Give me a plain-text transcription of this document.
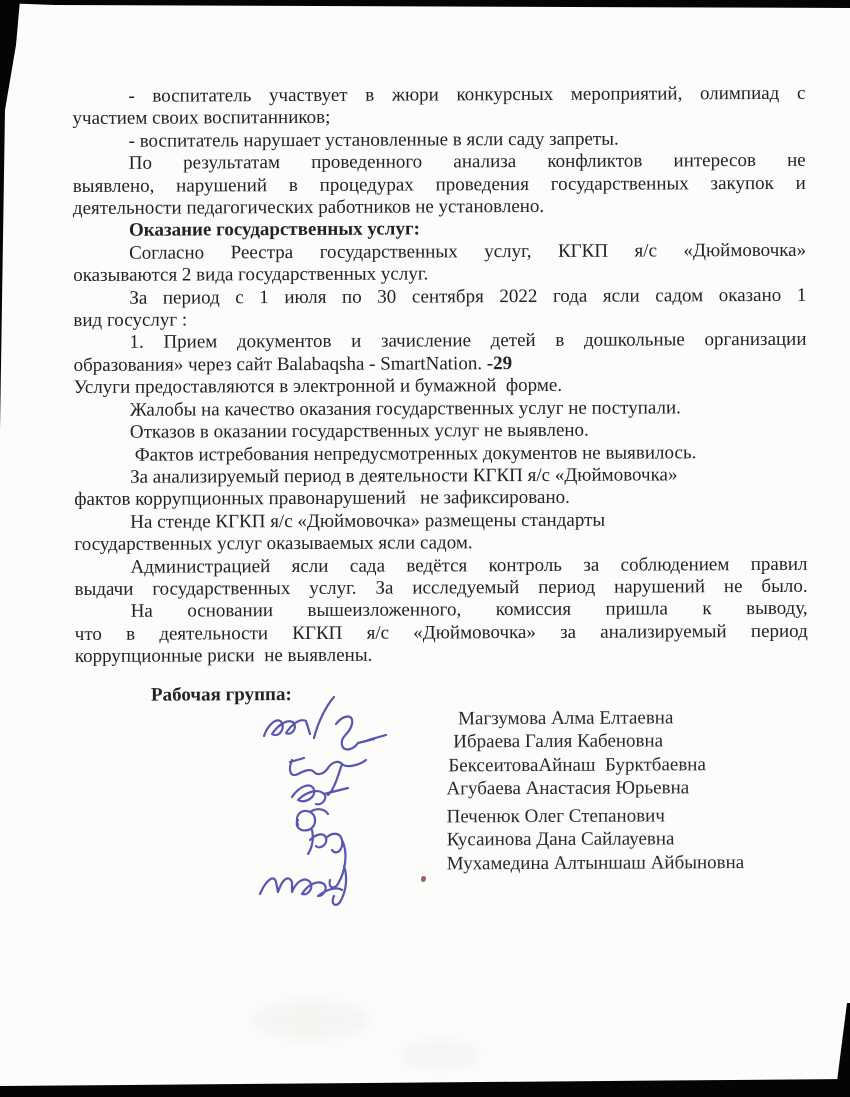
- воспитатель участвует в жюри конкурсных мероприятий, олимпиад с

участием своих воспитанников;

- воспитатель нарушает установленные в ясли саду запреты.

По результатам проведенного анализа конфликтов интересов не

выявлено, нарушений в процедурах проведения государственных закупок и

деятельности педагогических работников не установлено.

Оказание государственных услуг:

Согласно Реестра государственных услуг, КГКП я/с «Дюймовочка»

оказываются 2 вида государственных услуг.

За период с 1 июля по 30 сентября 2022 года ясли садом оказано 1

вид госуслуг :

1. Прием документов и зачисление детей в дошкольные организации

образования» через сайт Balabaqsha - SmartNation. -29

Услуги предоставляются в электронной и бумажной  форме.

Жалобы на качество оказания государственных услуг не поступали.

Отказов в оказании государственных услуг не выявлено.

Фактов истребования непредусмотренных документов не выявилось.

За анализируемый период в деятельности КГКП я/с «Дюймовочка»

фактов коррупционных правонарушений   не зафиксировано.

На стенде КГКП я/с «Дюймовочка» размещены стандарты

государственных услуг оказываемых ясли садом.

Администрацией ясли сада ведётся контроль за соблюдением правил

выдачи государственных услуг. За исследуемый период нарушений не было.

На основании вышеизложенного, комиссия пришла к выводу,

что в деятельности КГКП я/с «Дюймовочка» за анализируемый период

коррупционные риски  не выявлены.

Рабочая группа:

Магзумова Алма Елтаевна
Ибраева Галия Кабеновна
БексеитоваАйнаш  Бурктбаевна
Агубаева Анастасия Юрьевна
Печенюк Олег Степанович
Кусаинова Дана Сайлауевна
Мухамедина Алтыншаш Айбыновна
